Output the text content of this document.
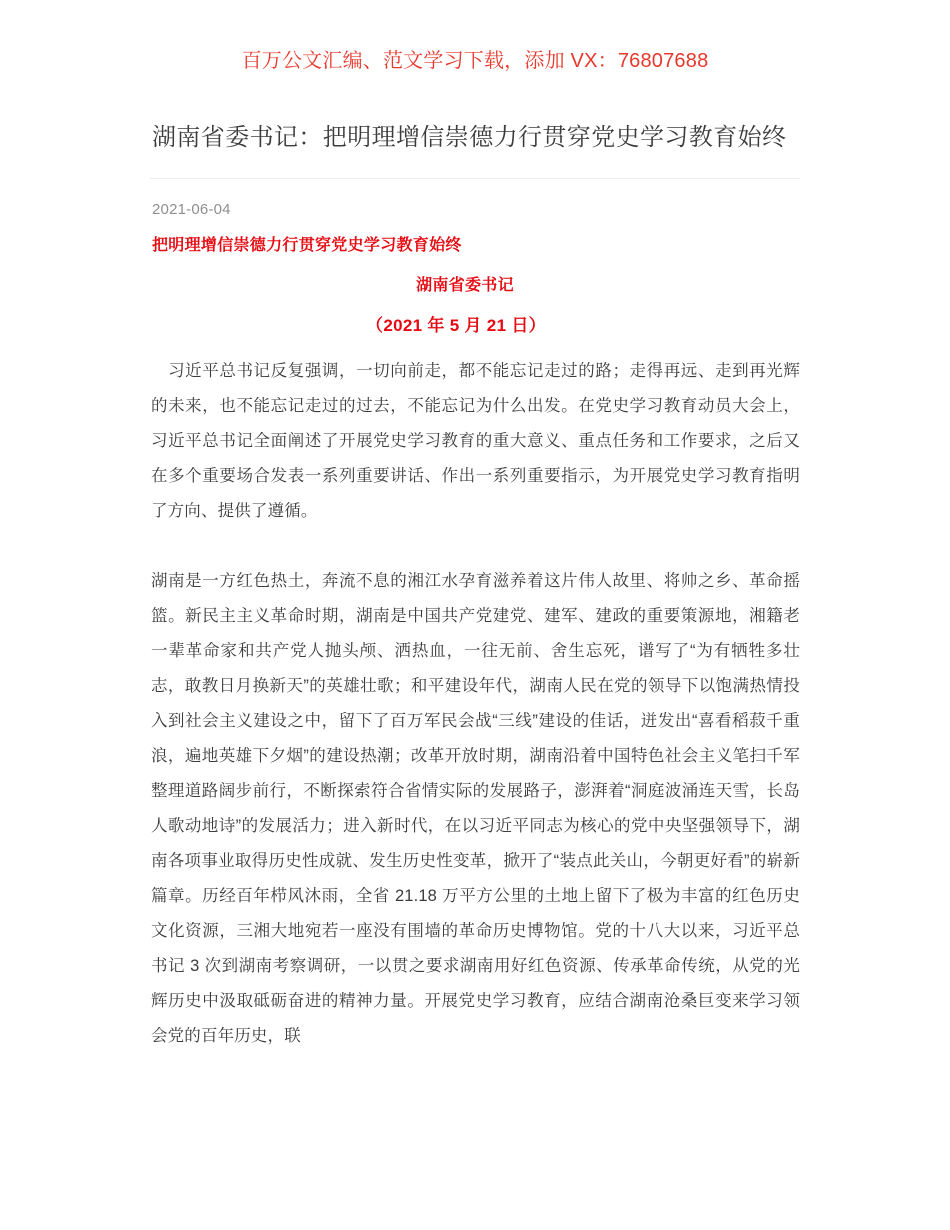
百万公文汇编、范文学习下载，添加 VX：76807688
湖南省委书记：把明理增信崇德力行贯穿党史学习教育始终
2021-06-04
把明理增信崇德力行贯穿党史学习教育始终
湖南省委书记
（2021 年 5 月 21 日）

　习近平总书记反复强调，一切向前走，都不能忘记走过的路；走得再远、走到再光辉的未来，也不能忘记走过的过去，不能忘记为什么出发。在党史学习教育动员大会上，习近平总书记全面阐述了开展党史学习教育的重大意义、重点任务和工作要求，之后又在多个重要场合发表一系列重要讲话、作出一系列重要指示，为开展党史学习教育指明了方向、提供了遵循。

湖南是一方红色热土，奔流不息的湘江水孕育滋养着这片伟人故里、将帅之乡、革命摇篮。新民主主义革命时期，湖南是中国共产党建党、建军、建政的重要策源地，湘籍老一辈革命家和共产党人抛头颅、洒热血，一往无前、舍生忘死，谱写了“为有牺牲多壮志，敢教日月换新天”的英雄壮歌；和平建设年代，湖南人民在党的领导下以饱满热情投入到社会主义建设之中，留下了百万军民会战“三线”建设的佳话，迸发出“喜看稻菽千重浪，遍地英雄下夕烟”的建设热潮；改革开放时期，湖南沿着中国特色社会主义笔扫千军整理道路阔步前行，不断探索符合省情实际的发展路子，澎湃着“洞庭波涌连天雪，长岛人歌动地诗”的发展活力；进入新时代，在以习近平同志为核心的党中央坚强领导下，湖南各项事业取得历史性成就、发生历史性变革，掀开了“装点此关山，今朝更好看”的崭新篇章。历经百年栉风沐雨，全省 21.18 万平方公里的土地上留下了极为丰富的红色历史文化资源，三湘大地宛若一座没有围墙的革命历史博物馆。党的十八大以来，习近平总书记 3 次到湖南考察调研，一以贯之要求湖南用好红色资源、传承革命传统，从党的光辉历史中汲取砥砺奋进的精神力量。开展党史学习教育，应结合湖南沧桑巨变来学习领会党的百年历史，联
